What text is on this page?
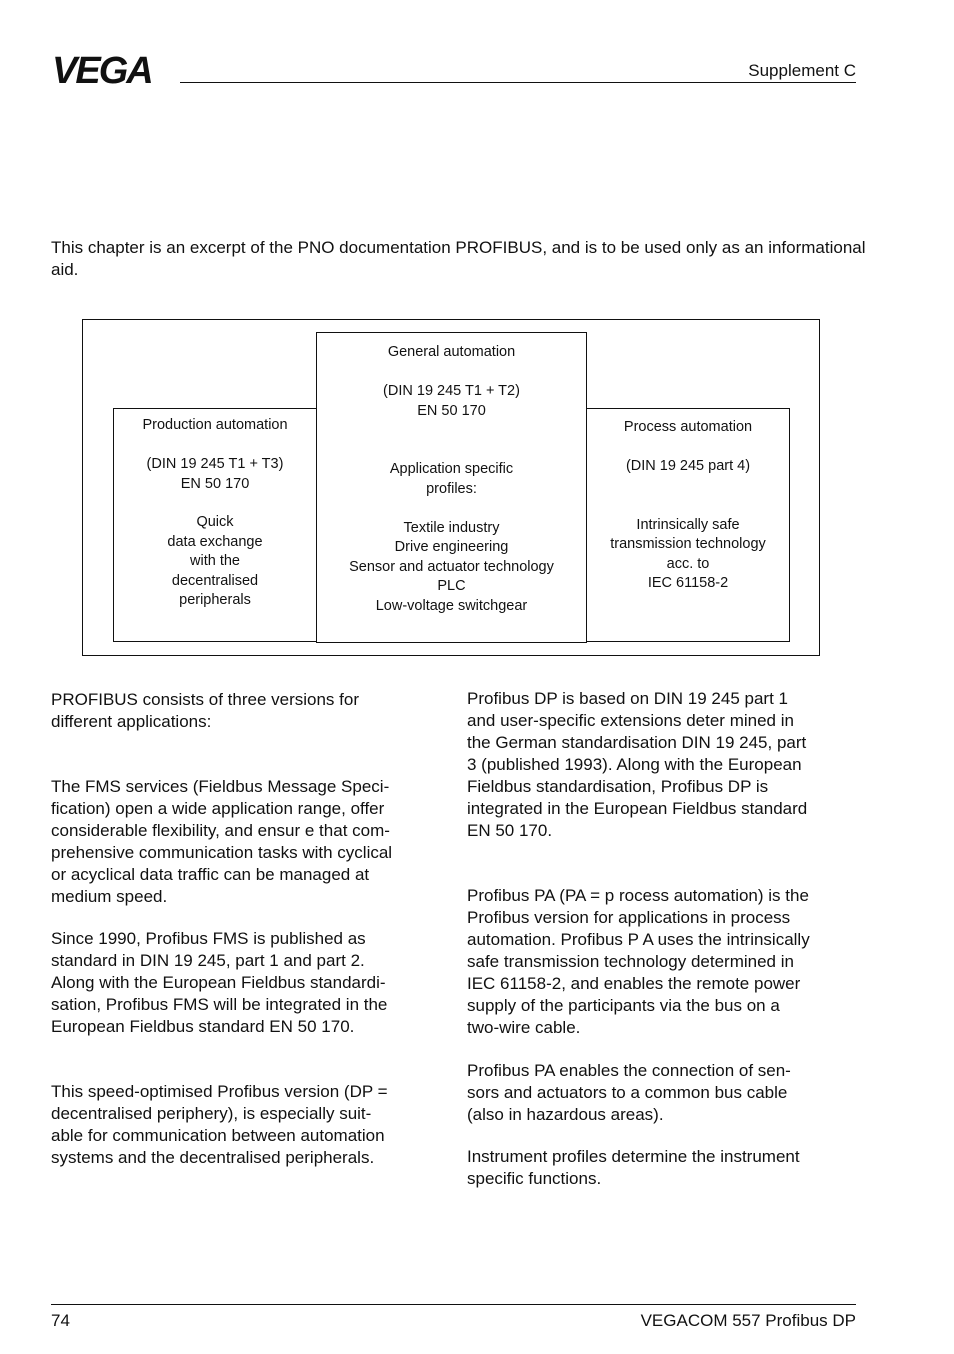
VEGA	Supplement C
This chapter is an excerpt of the PNO documentation PROFIBUS, and is to be used only as an informational aid.
Production automation
(DIN 19 245 T1 + T3)
EN 50 170
Quick
data exchange
with the
decentralised
peripherals
Process automation
(DIN 19 245 part 4)
Intrinsically safe
transmission technology
acc. to
IEC 61158-2
General automation
(DIN 19 245 T1 + T2)
EN 50 170
Application specific
profiles:
Textile industry
Drive engineering
Sensor and actuator technology
PLC
Low-voltage switchgear
PROFIBUS consists of three versions for
different applications:
The FMS services (Fieldbus Message Speci-
fication) open a wide application range, offer
considerable flexibility, and ensur e that com-
prehensive communication tasks with cyclical
or acyclical data traffic can be managed at
medium speed.
Since 1990, Profibus FMS is published as
standard in DIN 19 245, part 1 and part 2.
Along with the European Fieldbus standardi-
sation, Profibus FMS will be integrated in the
European Fieldbus standard EN 50 170.
This speed-optimised Profibus version (DP =
decentralised periphery), is especially suit-
able for communication between automation
systems and the decentralised peripherals.
Profibus DP is based on DIN 19 245 part 1
and user-specific extensions deter mined in
the German standardisation DIN 19 245, part
3 (published 1993). Along with the European
Fieldbus standardisation, Profibus DP is
integrated in the European Fieldbus standard
EN 50 170.
Profibus PA (PA = p rocess automation) is the
Profibus version for applications in process
automation. Profibus P A uses the intrinsically
safe transmission technology determined in
IEC 61158-2, and enables the remote power
supply of the participants via the bus on a
two-wire cable.
Profibus PA enables the connection of sen-
sors and actuators to a common bus cable
(also in hazardous areas).
Instrument profiles determine the instrument
specific functions.
74	VEGACOM 557 Profibus DP
